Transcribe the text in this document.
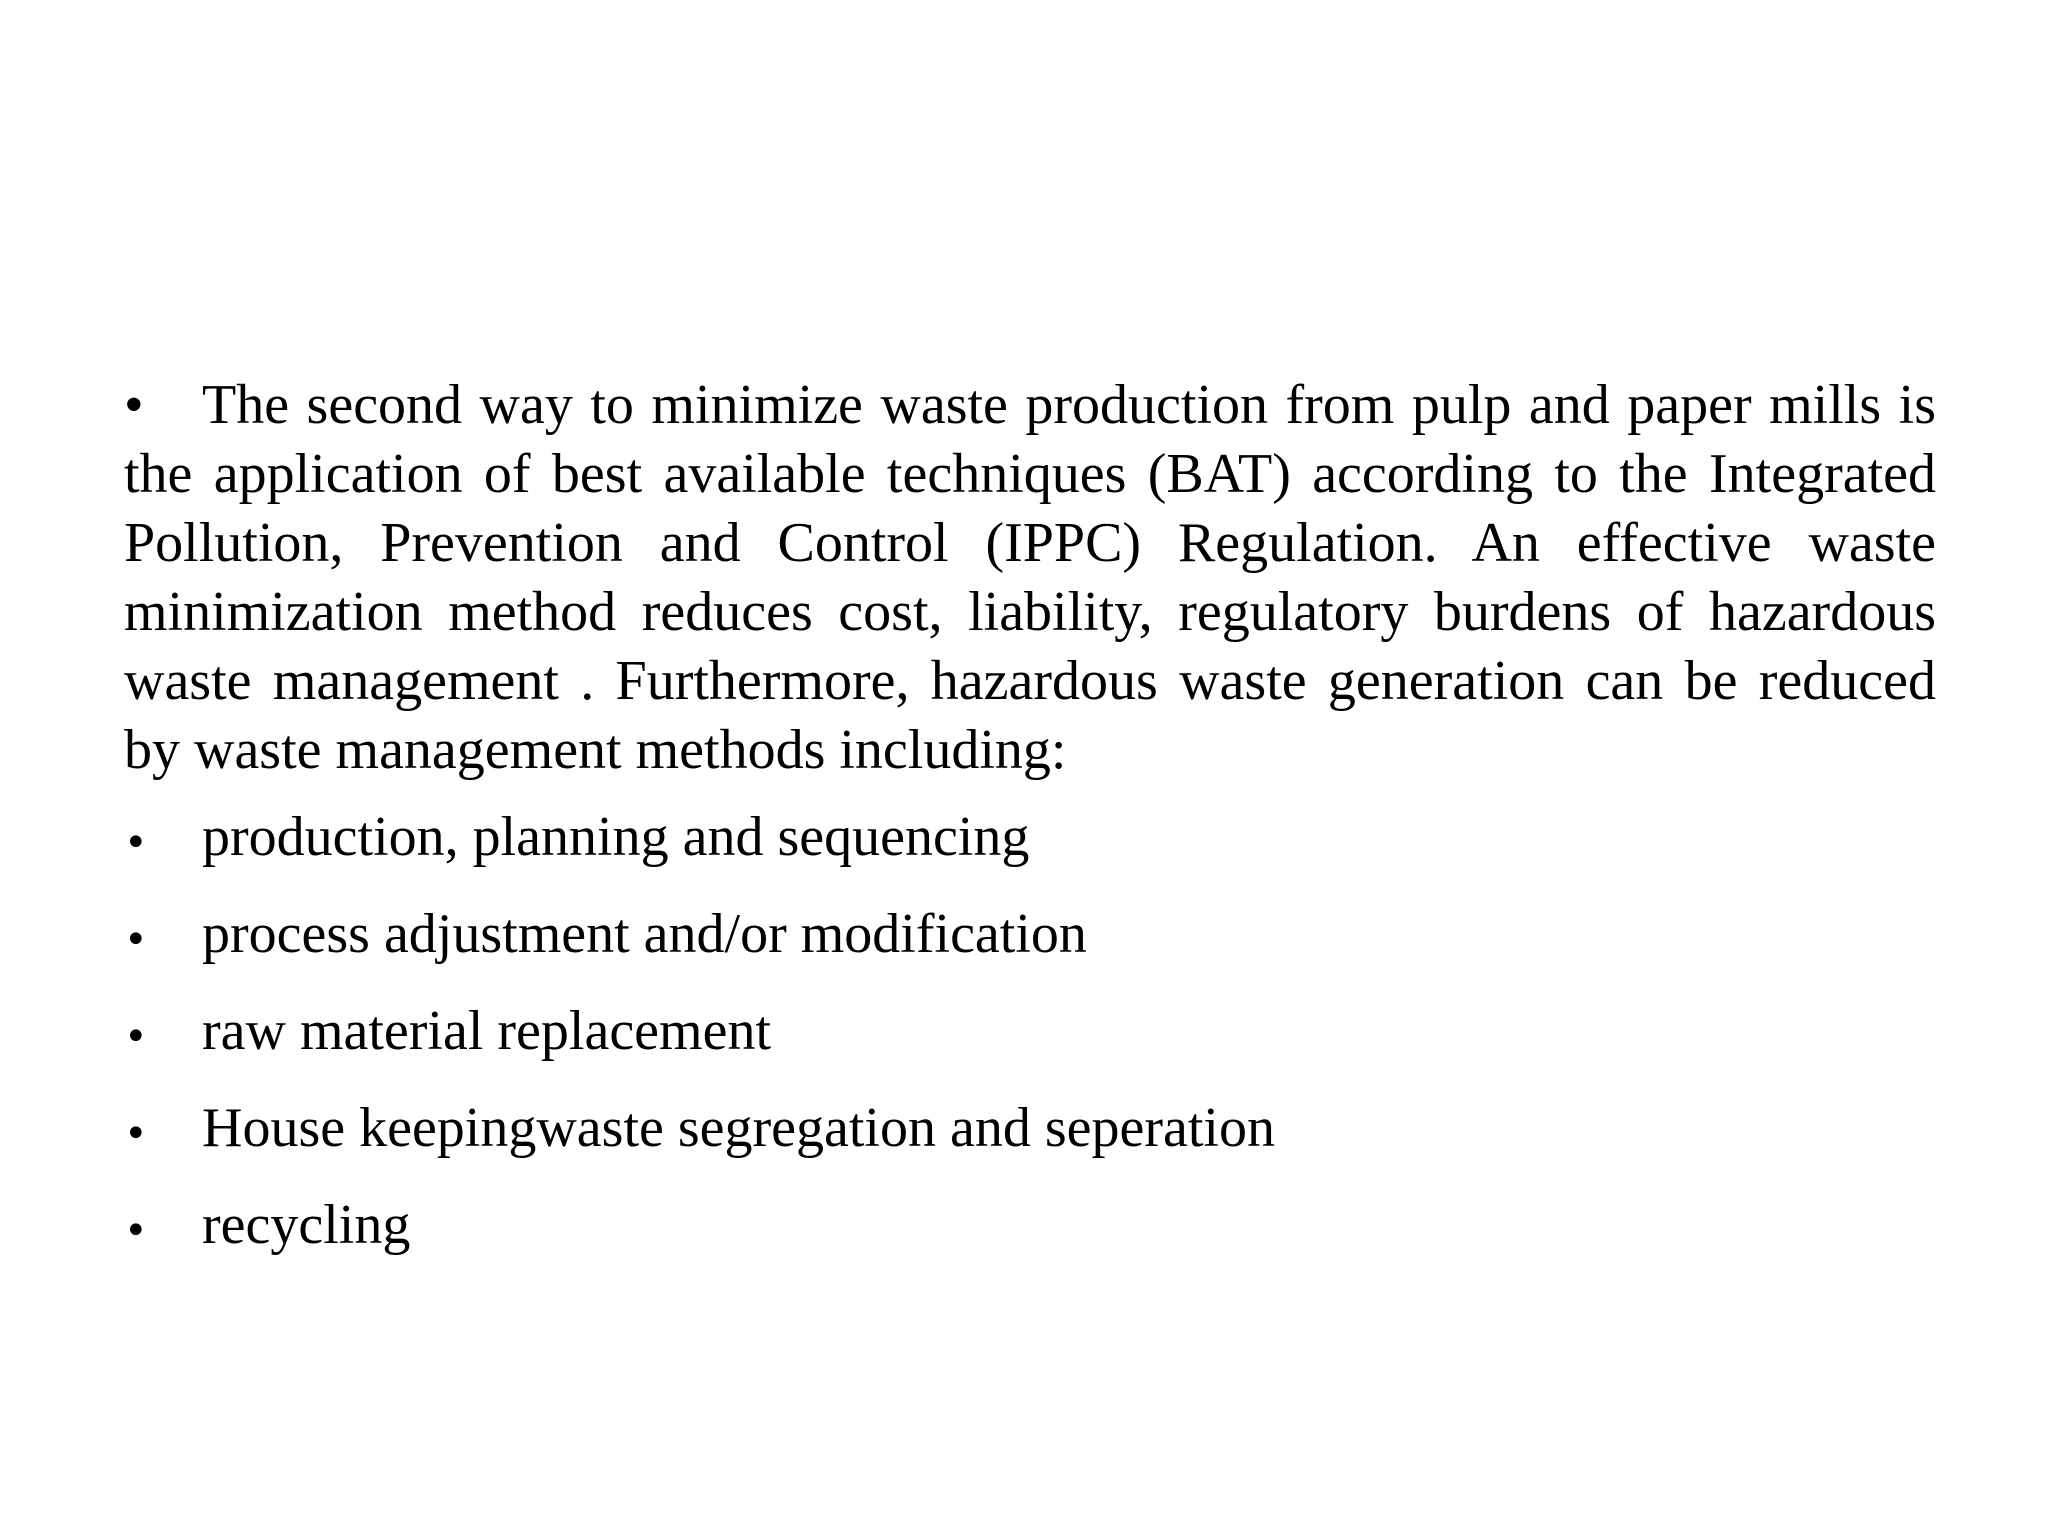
• The second way to minimize waste production from pulp and paper mills is the application of best available techniques (BAT) according to the Integrated Pollution, Prevention and Control (IPPC) Regulation. An effective waste minimization method reduces cost, liability, regulatory burdens of hazardous waste management . Furthermore, hazardous waste generation can be reduced by waste management methods including:

• production, planning and sequencing
• process adjustment and/or modification
• raw material replacement
• House keepingwaste segregation and seperation
• recycling
